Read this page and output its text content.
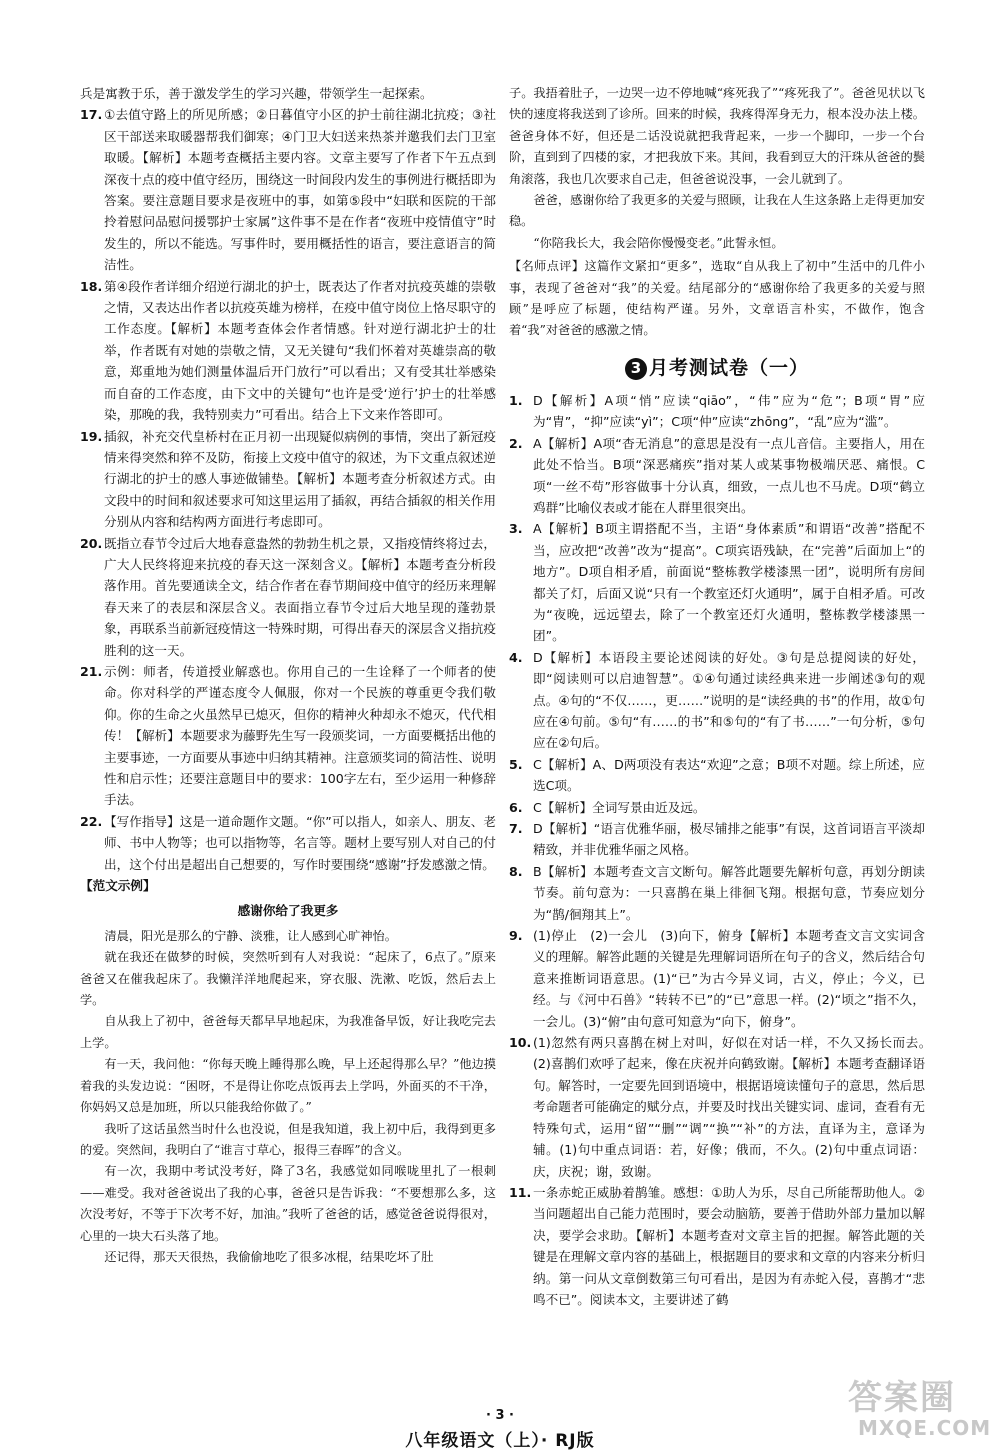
兵是寓教于乐，善于激发学生的学习兴趣，带领学生一起探索。

17. ①去值守路上的所见所感；②日暮值守小区的护士前往湖北抗疫；③社区干部送来取暖器帮我们御寒；④门卫大妇送来热茶并邀我们去门卫室取暖。【解析】本题考查概括主要内容。文章主要写了作者下午五点到深夜十点的疫中值守经历，围绕这一时间段内发生的事例进行概括即为答案。要注意题目要求是夜班中的事，如第⑤段中“妇联和医院的干部拎着慰问品慰问援鄂护士家属”这件事不是在作者“夜班中疫情值守”时发生的，所以不能选。写事件时，要用概括性的语言，要注意语言的简洁性。

18. 第④段作者详细介绍逆行湖北的护士，既表达了作者对抗疫英雄的崇敬之情，又表达出作者以抗疫英雄为榜样，在疫中值守岗位上恪尽职守的工作态度。【解析】本题考查体会作者情感。针对逆行湖北护士的壮举，作者既有对她的崇敬之情，又无关键句“我们怀着对英雄崇高的敬意，郑重地为她们测量体温后开门放行”可以看出；又有受其壮举感染而自奋的工作态度，由下文中的关键句“也许是受‘逆行’护士的壮举感染，那晚的我，我特别卖力”可看出。结合上下文来作答即可。

19. 插叙，补充交代皇桥村在正月初一出现疑似病例的事情，突出了新冠疫情来得突然和猝不及防，衔接上文疫中值守的叙述，为下文重点叙述逆行湖北的护士的感人事迹做铺垫。【解析】本题考查分析叙述方式。由文段中的时间和叙述要求可知这里运用了插叙，再结合插叙的相关作用分别从内容和结构两方面进行考虑即可。

20. 既指立春节令过后大地春意盎然的勃勃生机之景，又指疫情终将过去，广大人民终将迎来抗疫的春天这一深刻含义。【解析】本题考查分析段落作用。首先要通读全文，结合作者在春节期间疫中值守的经历来理解春天来了的表层和深层含义。表面指立春节令过后大地呈现的蓬勃景象，再联系当前新冠疫情这一特殊时期，可得出春天的深层含义指抗疫胜利的这一天。

21. 示例：师者，传道授业解惑也。你用自己的一生诠释了一个师者的使命。你对科学的严谨态度令人佩服，你对一个民族的尊重更令我们敬仰。你的生命之火虽然早已熄灭，但你的精神火种却永不熄灭，代代相传！【解析】本题要求为藤野先生写一段颁奖词，一方面要概括出他的主要事迹，一方面要从事迹中归纳其精神。注意颁奖词的简洁性、说明性和启示性；还要注意题目中的要求：100字左右，至少运用一种修辞手法。

22. 【写作指导】这是一道命题作文题。“你”可以指人，如亲人、朋友、老师、书中人物等；也可以指物等，名言等。题材上要写别人对自己的付出，这个付出是超出自己想要的，写作时要围绕“感谢”抒发感激之情。

【范文示例】

感谢你给了我更多

清晨，阳光是那么的宁静、淡雅，让人感到心旷神怡。

就在我还在做梦的时候，突然听到有人对我说：“起床了，6点了。”原来爸爸又在催我起床了。我懒洋洋地爬起来，穿衣服、洗漱、吃饭，然后去上学。

自从我上了初中，爸爸每天都早早地起床，为我准备早饭，好让我吃完去上学。

有一天，我问他：“你每天晚上睡得那么晚，早上还起得那么早？”他边摸着我的头发边说：“困呀，不是得让你吃点饭再去上学吗，外面买的不干净，你妈妈又总是加班，所以只能我给你做了。”

我听了这话虽然当时什么也没说，但是我知道，我上初中后，我得到更多的爱。突然间，我明白了“谁言寸草心，报得三春晖”的含义。

有一次，我期中考试没考好，降了3名，我感觉如同喉咙里扎了一根刺——难受。我对爸爸说出了我的心事，爸爸只是告诉我：“不要想那么多，这次没考好，不等于下次考不好，加油。”我听了爸爸的话，感觉爸爸说得很对，心里的一块大石头落了地。

还记得，那天天很热，我偷偷地吃了很多冰棍，结果吃坏了肚

子。我捂着肚子，一边哭一边不停地喊“疼死我了”“疼死我了”。爸爸见状以飞快的速度将我送到了诊所。回来的时候，我疼得浑身无力，根本没办法上楼。爸爸身体不好，但还是二话没说就把我背起来，一步一个脚印，一步一个台阶，直到到了四楼的家，才把我放下来。其间，我看到豆大的汗珠从爸爸的鬓角滚落，我也几次要求自己走，但爸爸说没事，一会儿就到了。

爸爸，感谢你给了我更多的关爱与照顾，让我在人生这条路上走得更加安稳。

“你陪我长大，我会陪你慢慢变老。”此誓永恒。

【名师点评】这篇作文紧扣“更多”，选取“自从我上了初中”生活中的几件小事，表现了爸爸对“我”的关爱。结尾部分的“感谢你给了我更多的关爱与照顾”是呼应了标题，使结构严谨。另外，文章语言朴实，不做作，饱含着“我”对爸爸的感激之情。

3 月考测试卷（一）
1. D【解析】A项“悄”应读“qiāo”，“伟”应为“危”；B项“胃”应为“胄”，“抑”应读“yì”；C项“仲”应读“zhōng”，“乱”应为“滥”。

2. A【解析】A项“杳无消息”的意思是没有一点儿音信。主要指人，用在此处不恰当。B项“深恶痛疾”指对某人或某事物极端厌恶、痛恨。C项“一丝不苟”形容做事十分认真，细致，一点儿也不马虎。D项“鹤立鸡群”比喻仪表或才能在人群里很突出。

3. A【解析】B项主谓搭配不当，主语“身体素质”和谓语“改善”搭配不当，应改把“改善”改为“提高”。C项宾语残缺，在“完善”后面加上“的地方”。D项自相矛盾，前面说“整栋教学楼漆黑一团”，说明所有房间都关了灯，后面又说“只有一个教室还灯火通明”，属于自相矛盾。可改为“夜晚，远远望去，除了一个教室还灯火通明，整栋教学楼漆黑一团”。

4. D【解析】本语段主要论述阅读的好处。③句是总提阅读的好处，即“阅读则可以启迪智慧”。①④句通过读经典来进一步阐述③句的观点。④句的“不仅……，更……”说明的是“读经典的书”的作用，故①句应在④句前。⑤句“有……的书”和⑤句的“有了书……”一句分析，⑤句应在②句后。

5. C【解析】A、D两项没有表达“欢迎”之意；B项不对题。综上所述，应选C项。

6. C【解析】全词写景由近及远。

7. D【解析】“语言优雅华丽，极尽铺排之能事”有误，这首词语言平淡却精致，并非优雅华丽之风格。

8. B【解析】本题考查文言文断句。解答此题要先解析句意，再划分朗读节奏。前句意为：一只喜鹊在巢上徘徊飞翔。根据句意，节奏应划分为“鹊/徊翔其上”。

9. (1)停止　(2)一会儿　(3)向下，俯身【解析】本题考查文言文实词含义的理解。解答此题的关键是先理解词语所在句子的含义，然后结合句意来推断词语意思。(1)“已”为古今异义词，古义，停止；今义，已经。与《河中石兽》“转转不已”的“已”意思一样。(2)“顷之”指不久，一会儿。(3)“俯”由句意可知意为“向下，俯身”。

10. (1)忽然有两只喜鹊在树上对叫，好似在对话一样，不久又扬长而去。　(2)喜鹊们欢呼了起来，像在庆祝并向鹤致谢。【解析】本题考查翻译语句。解答时，一定要先回到语境中，根据语境读懂句子的意思，然后思考命题者可能确定的赋分点，并要及时找出关键实词、虚词，查看有无特殊句式，运用“留”“删”“调”“换”“补”的方法，直译为主，意译为辅。(1)句中重点词语：若，好像；俄而，不久。(2)句中重点词语：庆，庆祝；谢，致谢。

11. 一条赤蛇正威胁着鹊雏。感想：①助人为乐，尽自己所能帮助他人。②当问题超出自己能力范围时，要会动脑筋，要善于借助外部力量加以解决，要学会求助。【解析】本题考查对文章主旨的把握。解答此题的关键是在理解文章内容的基础上，根据题目的要求和文章的内容来分析归纳。第一问从文章倒数第三句可看出，是因为有赤蛇入侵，喜鹊才“悲鸣不已”。阅读本文，主要讲述了鹤

· 3 ·
八年级语文（上）· RJ版
答案圈
MXQE.COM
